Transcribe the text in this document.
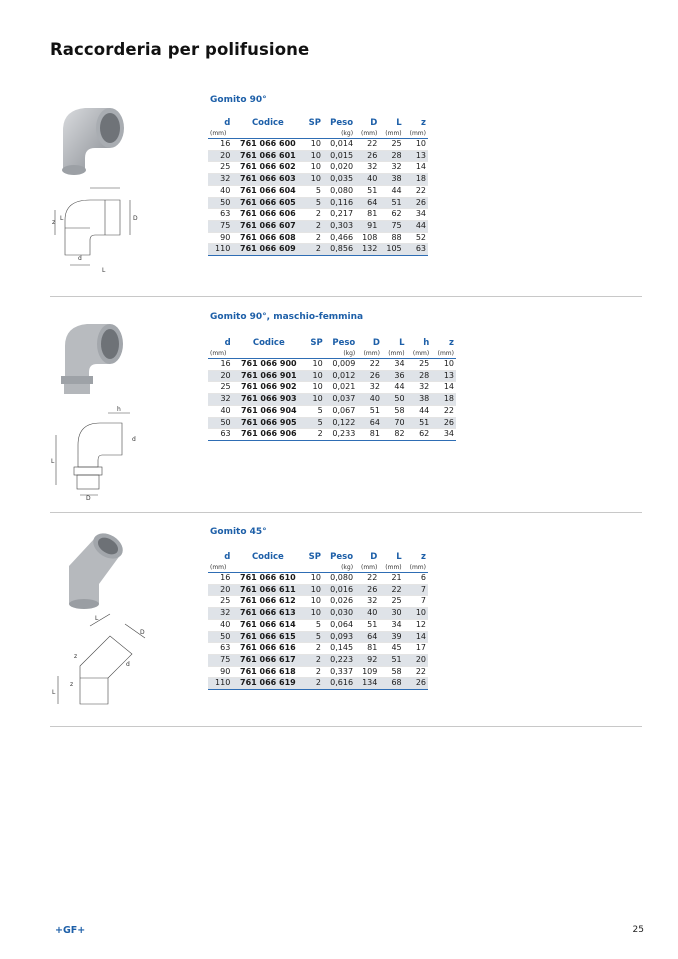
Raccorderia per polifusione
z
L	D
d
L
Gomito 90°
d	Codice	SP	Peso	D	L	z
(mm)			(kg)	(mm)	(mm)	(mm)
16	761 066 600	10	0,014	22	25	10
20	761 066 601	10	0,015	26	28	13
25	761 066 602	10	0,020	32	32	14
32	761 066 603	10	0,035	40	38	18
40	761 066 604	5	0,080	51	44	22
50	761 066 605	5	0,116	64	51	26
63	761 066 606	2	0,217	81	62	34
75	761 066 607	2	0,303	91	75	44
90	761 066 608	2	0,466	108	88	52
110	761 066 609	2	0,856	132	105	63
h
L
d
D
Gomito 90°, maschio-femmina
d	Codice	SP	Peso	D	L	h	z
(mm)			(kg)	(mm)	(mm)	(mm)	(mm)
16	761 066 900	10	0,009	22	34	25	10
20	761 066 901	10	0,012	26	36	28	13
25	761 066 902	10	0,021	32	44	32	14
32	761 066 903	10	0,037	40	50	38	18
40	761 066 904	5	0,067	51	58	44	22
50	761 066 905	5	0,122	64	70	51	26
63	761 066 906	2	0,233	81	82	62	34
L
D
d
z
L
z
Gomito 45°
d	Codice	SP	Peso	D	L	z
(mm)			(kg)	(mm)	(mm)	(mm)
16	761 066 610	10	0,080	22	21	6
20	761 066 611	10	0,016	26	22	7
25	761 066 612	10	0,026	32	25	7
32	761 066 613	10	0,030	40	30	10
40	761 066 614	5	0,064	51	34	12
50	761 066 615	5	0,093	64	39	14
63	761 066 616	2	0,145	81	45	17
75	761 066 617	2	0,223	92	51	20
90	761 066 618	2	0,337	109	58	22
110	761 066 619	2	0,616	134	68	26
+GF+	25
